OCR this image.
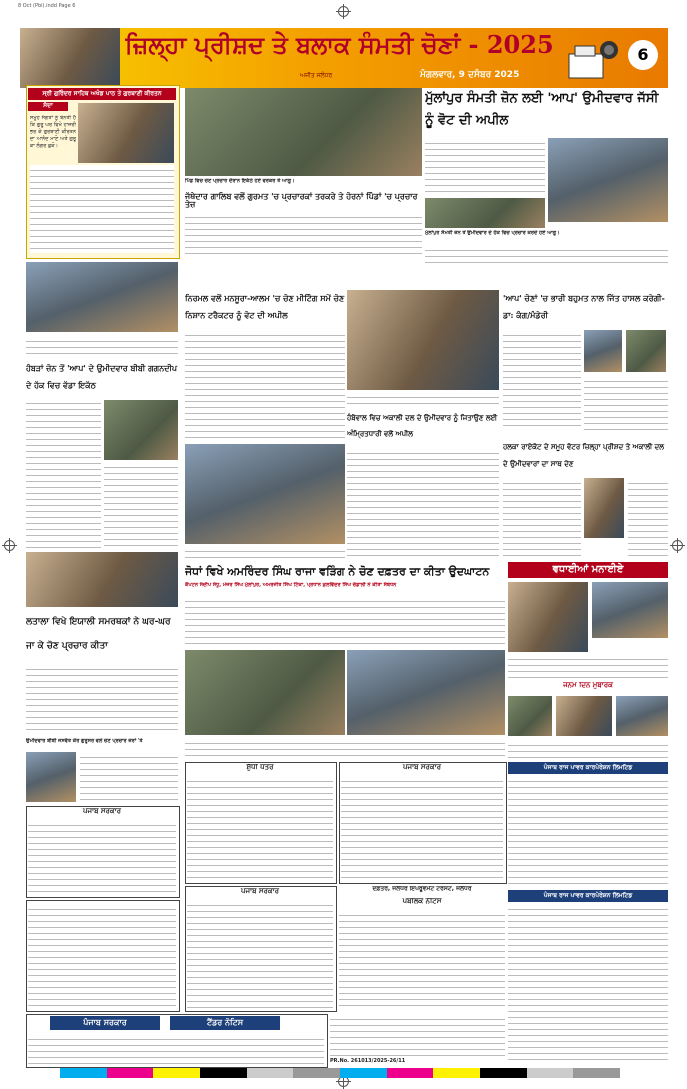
8 Oct (Pbi).indd Page 6
ਜ਼ਿਲ੍ਹਾ ਪ੍ਰੀਸ਼ਦ ਤੇ ਬਲਾਕ ਸੰਮਤੀ ਚੋਣਾਂ - 2025
ਅਜੀਤ ਜਲੰਧਰ	ਮੰਗਲਵਾਰ, 9 ਦਸੰਬਰ 2025
6
ਸ੍ਰੀ ਗੁਰਿੰਦਰ ਸਾਹਿਬ ਅਖੰਡ ਪਾਠ ਤੇ ਗੁਰਬਾਣੀ ਕੀਰਤਨ
ਸੱਦਾ
ਸਮੂਹ ਸੰਗਤਾਂ ਨੂੰ ਬੇਨਤੀ ਹੈ ਕਿ ਗੁਰੂ ਘਰ ਵਿਖੇ ਹਾਜ਼ਰੀ ਭਰ ਕੇ ਗੁਰਬਾਣੀ ਕੀਰਤਨ ਦਾ ਆਨੰਦ ਮਾਣੋ ਅਤੇ ਗੁਰੂ ਕਾ ਲੰਗਰ ਛਕੋ।
ਪਿੰਡ ਵਿਚ ਚੋਣ ਪ੍ਰਚਾਰ ਦੌਰਾਨ ਇਕੱਠੇ ਹੋਏ ਵਰਕਰ ਤੇ ਆਗੂ।
ਜੱਥੇਦਾਰ ਗਾਲਿਬ ਵਲੋਂ ਗੁਰਮਤ 'ਚ ਪ੍ਰਚਾਰਕਾਂ ਤਰਕਰੇ ਤੇ ਹੋਰਨਾਂ ਪਿੰਡਾਂ 'ਚ ਪ੍ਰਚਾਰ ਤੇਜ਼
ਮੁੱਲਾਂਪੁਰ ਸੰਮਤੀ ਜ਼ੋਨ ਲਈ 'ਆਪ' ਉਮੀਦਵਾਰ ਜੱਸੀ ਨੂੰ ਵੋਟ ਦੀ ਅਪੀਲ
ਮੁੱਲਾਂਪੁਰ ਸੰਮਤੀ ਜ਼ੋਨ ਤੋਂ ਉਮੀਦਵਾਰ ਦੇ ਹੱਕ ਵਿਚ ਪ੍ਰਚਾਰ ਕਰਦੇ ਹੋਏ ਆਗੂ।
ਹੰਬੜਾਂ ਜ਼ੋਨ ਤੋਂ 'ਆਪ' ਦੇ ਉਮੀਦਵਾਰ ਬੀਬੀ ਗਗਨਦੀਪ ਦੇ ਹੱਕ ਵਿਚ ਵੱਡਾ ਇਕੱਠ
ਨਿਰਮਲ ਵਲੋਂ ਮਨਸੂਰਾ-ਆਲਮ 'ਚ ਚੋਣ ਮੀਟਿੰਗ ਸਮੇਂ ਚੋਣ ਨਿਸ਼ਾਨ ਟਰੈਕਟਰ ਨੂੰ ਵੋਟ ਦੀ ਅਪੀਲ
ਹੰਬੋਵਾਲ ਵਿਚ ਅਕਾਲੀ ਦਲ ਦੇ ਉਮੀਦਵਾਰ ਨੂੰ ਜਿਤਾਉਣ ਲਈ ਅੰਮ੍ਰਿਤਧਾਰੀ ਵਲੋਂ ਅਪੀਲ
'ਆਪ' ਚੋਣਾਂ 'ਚ ਭਾਰੀ ਬਹੁਮਤ ਨਾਲ ਜਿੱਤ ਹਾਸਲ ਕਰੇਗੀ-ਡਾ: ਕੰਗ/ਮੰਡੇਰੀ
ਹਲਕਾ ਰਾਏਕੋਟ ਦੇ ਸਮੂਹ ਵੋਟਰ ਜ਼ਿਲ੍ਹਾ ਪ੍ਰੀਸ਼ਦ ਤੇ ਅਕਾਲੀ ਦਲ ਦੇ ਉਮੀਦਵਾਰਾਂ ਦਾ ਸਾਥ ਦੇਣ
ਜੋਧਾਂ ਵਿਖੇ ਅਮਰਿੰਦਰ ਸਿੰਘ ਰਾਜਾ ਵੜਿੰਗ ਨੇ ਚੋਣ ਦਫ਼ਤਰ ਦਾ ਕੀਤਾ ਉਦਘਾਟਨ
ਕੈਪਟਨ ਸੰਦੀਪ ਸੰਧੂ, ਮੇਜਰ ਸਿੰਘ ਮੁੱਲਾਂਪੁਰ, ਅਮਰਜੀਤ ਸਿੰਘ ਟਿੱਕਾ, ਪ੍ਰਧਾਨ ਕੁਲਵਿੰਦਰ ਸਿੰਘ ਚੰਡਾਲੀ ਨੇ ਕੀਤਾ ਸੰਬੋਧਨ
ਲਤਾਲਾ ਵਿਖੇ ਇਯਾਲੀ ਸਮਰਥਕਾਂ ਨੇ ਘਰ-ਘਰ ਜਾ ਕੇ ਚੋਣ ਪ੍ਰਚਾਰ ਕੀਤਾ
ਉਮੀਦਵਾਰ ਬੀਬੀ ਜਸਵੰਤ ਕੌਰ ਗੁਰੂਸਰ ਵਲੋਂ ਚੋਣ ਪ੍ਰਚਾਰ ਜ਼ੋਰਾਂ 'ਤੇ
ਵਧਾਈਆਂ ਮਨਾਈਏ
ਜਨਮ ਦਿਨ ਮੁਬਾਰਕ
ਪੰਜਾਬ ਸਰਕਾਰ
ਸ਼ੁੱਧੀ ਪੱਤਰ
ਪੰਜਾਬ ਸਰਕਾਰ
ਪੰਜਾਬ ਸਰਕਾਰ
ਦਫ਼ਤਰ, ਜਲੰਧਰ ਇੰਪਰੂਵਮੈਂਟ ਟਰੱਸਟ, ਜਲੰਧਰ
ਪਬਲਿਕ ਨੋਟਿਸ
ਪੰਜਾਬ ਰਾਜ ਪਾਵਰ ਕਾਰਪੋਰੇਸ਼ਨ ਲਿਮਟਿਡ
ਪੰਜਾਬ ਰਾਜ ਪਾਵਰ ਕਾਰਪੋਰੇਸ਼ਨ ਲਿਮਟਿਡ
ਪੰਜਾਬ ਸਰਕਾਰ	ਟੈਂਡਰ ਨੋਟਿਸ
PR.No. 261013/2025-26/11
